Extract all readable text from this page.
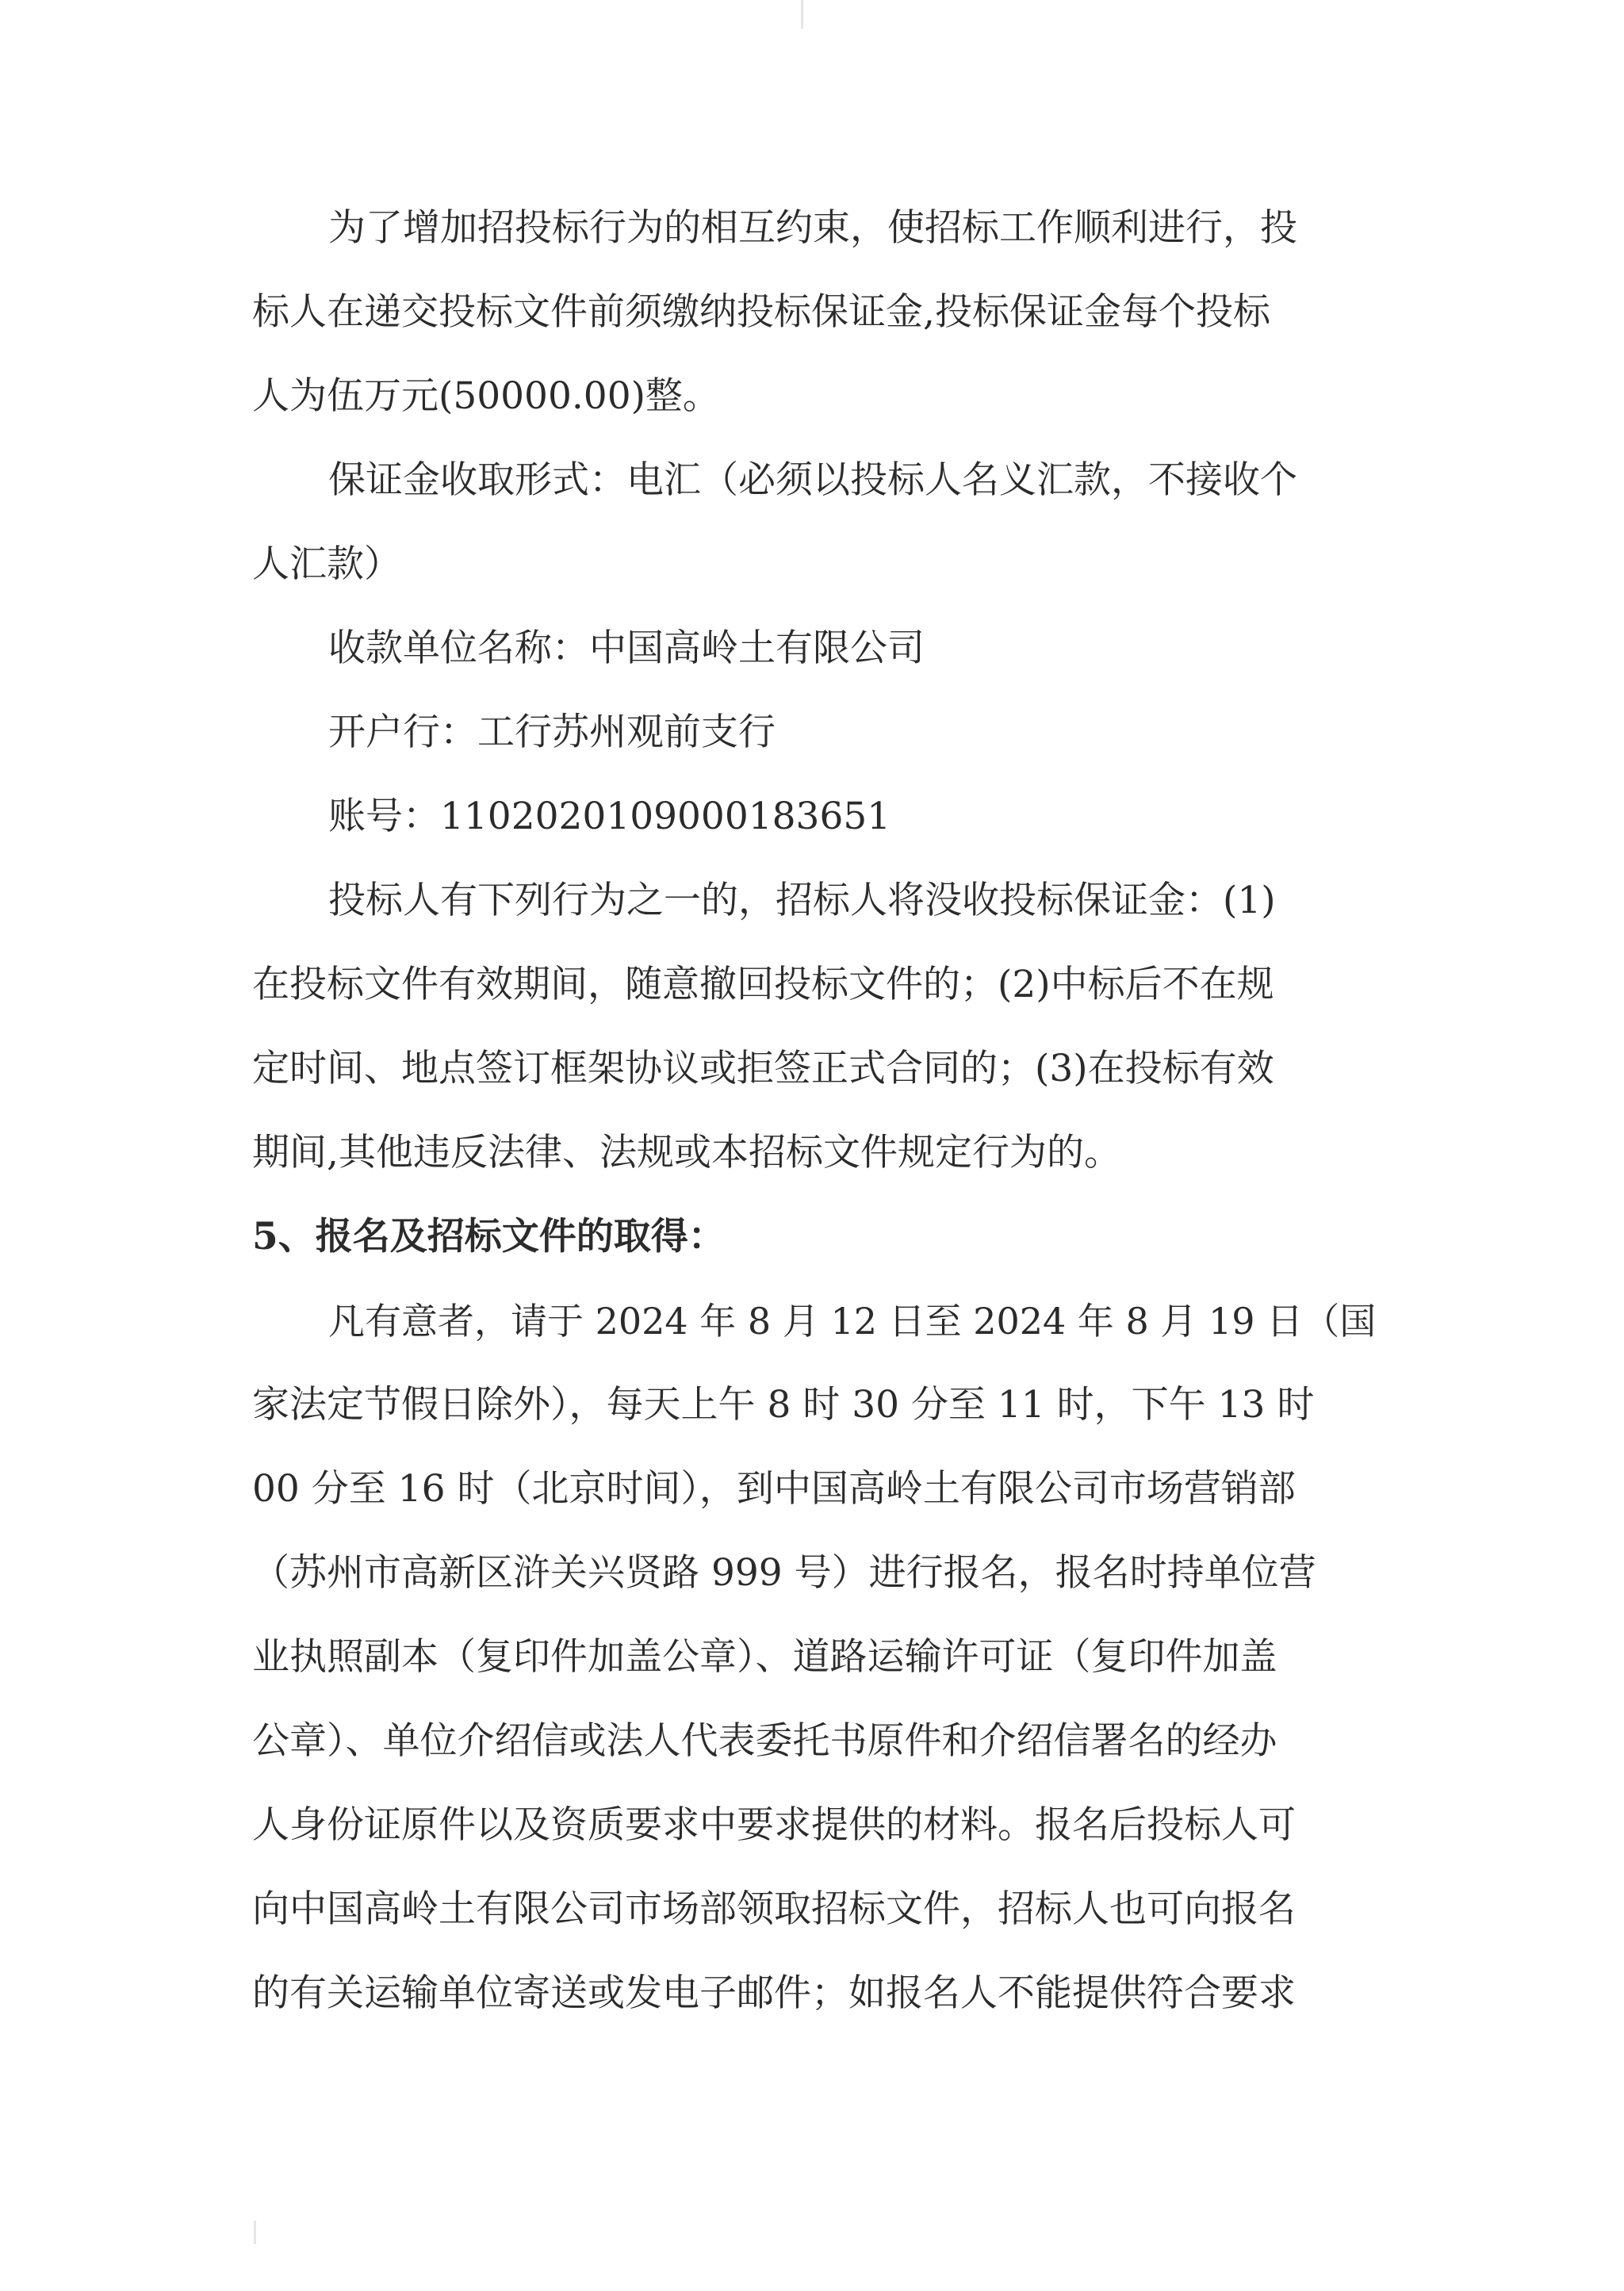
为了增加招投标行为的相互约束，使招标工作顺利进行，投
标人在递交投标文件前须缴纳投标保证金,投标保证金每个投标
人为伍万元(50000.00)整。
保证金收取形式：电汇（必须以投标人名义汇款，不接收个
人汇款）
收款单位名称：中国高岭土有限公司
开户行：工行苏州观前支行
账号：1102020109000183651
投标人有下列行为之一的，招标人将没收投标保证金：(1)
在投标文件有效期间，随意撤回投标文件的；(2)中标后不在规
定时间、地点签订框架协议或拒签正式合同的；(3)在投标有效
期间,其他违反法律、法规或本招标文件规定行为的。
5、报名及招标文件的取得：
凡有意者，请于 2024 年 8 月 12 日至 2024 年 8 月 19 日（国
家法定节假日除外），每天上午 8 时 30 分至 11 时，下午 13 时
00 分至 16 时（北京时间），到中国高岭土有限公司市场营销部
（苏州市高新区浒关兴贤路 999 号）进行报名，报名时持单位营
业执照副本（复印件加盖公章）、道路运输许可证（复印件加盖
公章）、单位介绍信或法人代表委托书原件和介绍信署名的经办
人身份证原件以及资质要求中要求提供的材料。报名后投标人可
向中国高岭土有限公司市场部领取招标文件，招标人也可向报名
的有关运输单位寄送或发电子邮件；如报名人不能提供符合要求
